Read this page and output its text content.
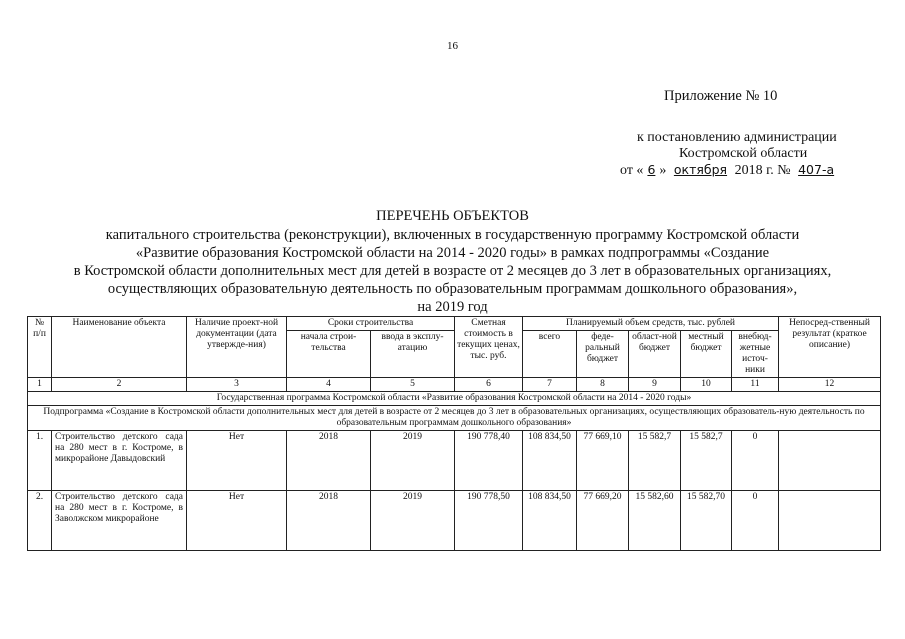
16
Приложение № 10
к постановлению администрации
Костромской области
от « 6 » октября 2018 г. № 407-а
ПЕРЕЧЕНЬ ОБЪЕКТОВ
капитального строительства (реконструкции), включенных в государственную программу Костромской области
«Развитие образования Костромской области на 2014 - 2020 годы» в рамках подпрограммы «Создание
в Костромской области дополнительных мест для детей в возрасте от 2 месяцев до 3 лет в образовательных организациях,
осуществляющих образовательную деятельность по образовательным программам дошкольного образования»,
на 2019 год
№ п/п	Наименование объекта	Наличие проект-ной документации (дата утвержде-ния)	Сроки строительства		Сметная стоимость в текущих ценах, тыс. руб.	Планируемый объем средств, тыс. рублей					Непосред-ственный результат (краткое описание)
			начала строи-тельства	ввода в эксплу-атацию		всего	феде-ральный бюджет	област-ной бюджет	местный бюджет	внебюд-жетные источ-ники	
1	2	3	4	5	6	7	8	9	10	11	12
Государственная программа Костромской области «Развитие образования Костромской области на 2014 - 2020 годы»											
Подпрограмма «Создание в Костромской области дополнительных мест для детей в возрасте от 2 месяцев до 3 лет в образовательных организациях, осуществляющих образователь-ную деятельность по образовательным программам дошкольного образования»											
1.	Строительство детского сада на 280 мест в г. Костроме, в микрорайоне Давыдовский	Нет	2018	2019	190 778,40	108 834,50	77 669,10	15 582,7	15 582,7	0	
2.	Строительство детского сада на 280 мест в г. Костроме, в Заволжском микрорайоне	Нет	2018	2019	190 778,50	108 834,50	77 669,20	15 582,60	15 582,70	0	
